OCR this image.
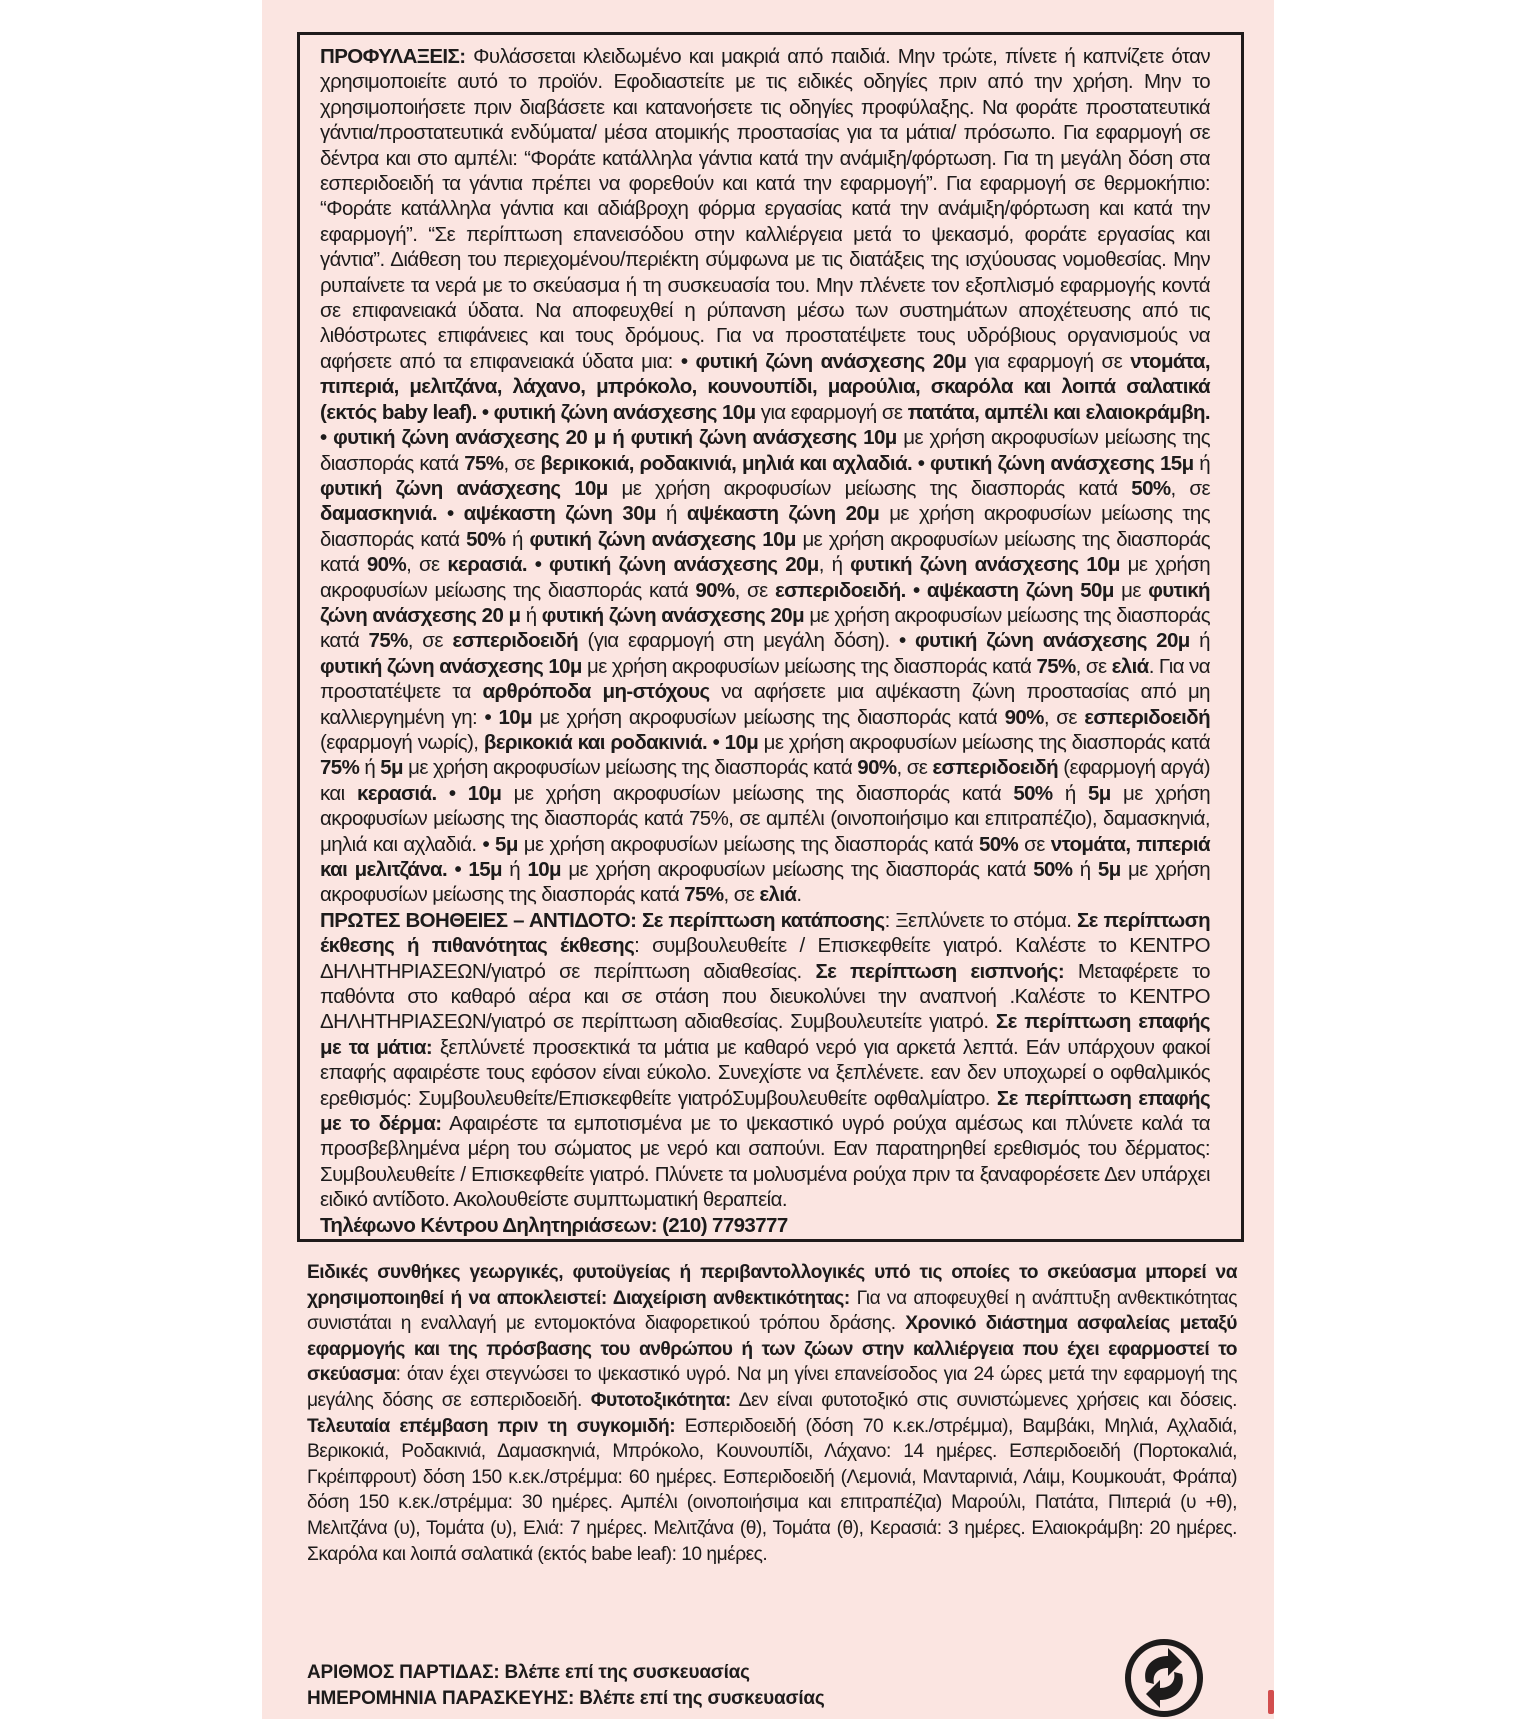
ΠΡΟΦΥΛΑΞΕΙΣ: Φυλάσσεται κλειδωμένο και μακριά από παιδιά. Μην τρώτε, πίνετε ή καπνίζετε όταν χρησιμοποιείτε αυτό το προϊόν. Εφοδιαστείτε με τις ειδικές οδηγίες πριν από την χρήση. Μην το χρησιμοποιήσετε πριν διαβάσετε και κατανοήσετε τις οδηγίες προφύλαξης. Να φοράτε προστατευτικά γάντια/προστατευτικά ενδύματα/ μέσα ατομικής προστασίας για τα μάτια/ πρόσωπο. Για εφαρμογή σε δέντρα και στο αμπέλι: “Φοράτε κατάλληλα γάντια κατά την ανάμιξη/φόρτωση. Για τη μεγάλη δόση στα εσπεριδοειδή τα γάντια πρέπει να φορεθούν και κατά την εφαρμογή”. Για εφαρμογή σε θερμοκήπιο: “Φοράτε κατάλληλα γάντια και αδιάβροχη φόρμα εργασίας κατά την ανάμιξη/φόρτωση και κατά την εφαρμογή”. “Σε περίπτωση επανεισόδου στην καλλιέργεια μετά το ψεκασμό, φοράτε εργασίας και γάντια”. Διάθεση του περιεχομένου/περιέκτη σύμφωνα με τις διατάξεις της ισχύουσας νομοθεσίας. Μην ρυπαίνετε τα νερά με το σκεύασμα ή τη συσκευασία του. Μην πλένετε τον εξοπλισμό εφαρμογής κοντά σε επιφανειακά ύδατα. Να αποφευχθεί η ρύπανση μέσω των συστημάτων αποχέτευσης από τις λιθόστρωτες επιφάνειες και τους δρόμους. Για να προστατέψετε τους υδρόβιους οργανισμούς να αφήσετε από τα επιφανειακά ύδατα μια: • φυτική ζώνη ανάσχεσης 20μ για εφαρμογή σε ντομάτα, πιπεριά, μελιτζάνα, λάχανο, μπρόκολο, κουνουπίδι, μαρούλια, σκαρόλα και λοιπά σαλατικά (εκτός baby leaf). • φυτική ζώνη ανάσχεσης 10μ για εφαρμογή σε πατάτα, αμπέλι και ελαιοκράμβη. • φυτική ζώνη ανάσχεσης 20 μ ή φυτική ζώνη ανάσχεσης 10μ με χρήση ακροφυσίων μείωσης της διασποράς κατά 75%, σε βερικοκιά, ροδακινιά, μηλιά και αχλαδιά. • φυτική ζώνη ανάσχεσης 15μ ή φυτική ζώνη ανάσχεσης 10μ με χρήση ακροφυσίων μείωσης της διασποράς κατά 50%, σε δαμασκηνιά. • αψέκαστη ζώνη 30μ ή αψέκαστη ζώνη 20μ με χρήση ακροφυσίων μείωσης της διασποράς κατά 50% ή φυτική ζώνη ανάσχεσης 10μ με χρήση ακροφυσίων μείωσης της διασποράς κατά 90%, σε κερασιά. • φυτική ζώνη ανάσχεσης 20μ, ή φυτική ζώνη ανάσχεσης 10μ με χρήση ακροφυσίων μείωσης της διασποράς κατά 90%, σε εσπεριδοειδή. • αψέκαστη ζώνη 50μ με φυτική ζώνη ανάσχεσης 20 μ ή φυτική ζώνη ανάσχεσης 20μ με χρήση ακροφυσίων μείωσης της διασποράς κατά 75%, σε εσπεριδοειδή (για εφαρμογή στη μεγάλη δόση). • φυτική ζώνη ανάσχεσης 20μ ή φυτική ζώνη ανάσχεσης 10μ με χρήση ακροφυσίων μείωσης της διασποράς κατά 75%, σε ελιά. Για να προστατέψετε τα αρθρόποδα μη-στόχους να αφήσετε μια αψέκαστη ζώνη προστασίας από μη καλλιεργημένη γη: • 10μ με χρήση ακροφυσίων μείωσης της διασποράς κατά 90%, σε εσπεριδοειδή (εφαρμογή νωρίς), βερικοκιά και ροδακινιά. • 10μ με χρήση ακροφυσίων μείωσης της διασποράς κατά 75% ή 5μ με χρήση ακροφυσίων μείωσης της διασποράς κατά 90%, σε εσπεριδοειδή (εφαρμογή αργά) και κερασιά. • 10μ με χρήση ακροφυσίων μείωσης της διασποράς κατά 50% ή 5μ με χρήση ακροφυσίων μείωσης της διασποράς κατά 75%, σε αμπέλι (οινοποιήσιμο και επιτραπέζιο), δαμασκηνιά, μηλιά και αχλαδιά. • 5μ με χρήση ακροφυσίων μείωσης της διασποράς κατά 50% σε ντομάτα, πιπεριά και μελιτζάνα. • 15μ ή 10μ με χρήση ακροφυσίων μείωσης της διασποράς κατά 50% ή 5μ με χρήση ακροφυσίων μείωσης της διασποράς κατά 75%, σε ελιά.

ΠΡΩΤΕΣ ΒΟΗΘΕΙΕΣ – ΑΝΤΙΔΟΤΟ: Σε περίπτωση κατάποσης: Ξεπλύνετε το στόμα. Σε περίπτωση έκθεσης ή πιθανότητας έκθεσης: συμβουλευθείτε / Επισκεφθείτε γιατρό. Καλέστε το ΚΕΝΤΡΟ ΔΗΛΗΤΗΡΙΑΣΕΩΝ/γιατρό σε περίπτωση αδιαθεσίας. Σε περίπτωση εισπνοής: Μεταφέρετε το παθόντα στο καθαρό αέρα και σε στάση που διευκολύνει την αναπνοή .Καλέστε το ΚΕΝΤΡΟ ΔΗΛΗΤΗΡΙΑΣΕΩΝ/γιατρό σε περίπτωση αδιαθεσίας. Συμβουλευτείτε γιατρό. Σε περίπτωση επαφής με τα μάτια: ξεπλύνετέ προσεκτικά τα μάτια με καθαρό νερό για αρκετά λεπτά. Εάν υπάρχουν φακοί επαφής αφαιρέστε τους εφόσον είναι εύκολο. Συνεχίστε να ξεπλένετε. εαν δεν υποχωρεί ο οφθαλμικός ερεθισμός: Συμβουλευθείτε/Επισκεφθείτε γιατρόΣυμβουλευθείτε οφθαλμίατρο. Σε περίπτωση επαφής με το δέρμα: Αφαιρέστε τα εμποτισμένα με το ψεκαστικό υγρό ρούχα αμέσως και πλύνετε καλά τα προσβεβλημένα μέρη του σώματος με νερό και σαπούνι. Εαν παρατηρηθεί ερεθισμός του δέρματος: Συμβουλευθείτε / Επισκεφθείτε γιατρό. Πλύνετε τα μολυσμένα ρούχα πριν τα ξαναφορέσετε Δεν υπάρχει ειδικό αντίδοτο. Ακολουθείστε συμπτωματική θεραπεία.

Τηλέφωνο Κέντρου Δηλητηριάσεων: (210) 7793777

Ειδικές συνθήκες γεωργικές, φυτοϋγείας ή περιβαντολλογικές υπό τις οποίες το σκεύασμα μπορεί να χρησιμοποιηθεί ή να αποκλειστεί: Διαχείριση ανθεκτικότητας: Για να αποφευχθεί η ανάπτυξη ανθεκτικότητας συνιστάται η εναλλαγή με εντομοκτόνα διαφορετικού τρόπου δράσης. Χρονικό διάστημα ασφαλείας μεταξύ εφαρμογής και της πρόσβασης του ανθρώπου ή των ζώων στην καλλιέργεια που έχει εφαρμοστεί το σκεύασμα: όταν έχει στεγνώσει το ψεκαστικό υγρό. Να μη γίνει επανείσοδος για 24 ώρες μετά την εφαρμογή της μεγάλης δόσης σε εσπεριδοειδή. Φυτοτοξικότητα: Δεν είναι φυτοτοξικό στις συνιστώμενες χρήσεις και δόσεις. Τελευταία επέμβαση πριν τη συγκομιδή: Εσπεριδοειδή (δόση 70 κ.εκ./στρέμμα), Βαμβάκι, Μηλιά, Αχλαδιά, Βερικοκιά, Ροδακινιά, Δαμασκηνιά, Μπρόκολο, Κουνουπίδι, Λάχανο: 14 ημέρες. Εσπεριδοειδή (Πορτοκαλιά, Γκρέιπφρουτ) δόση 150 κ.εκ./στρέμμα: 60 ημέρες. Εσπεριδοειδή (Λεμονιά, Μανταρινιά, Λάιμ, Κουμκουάτ, Φράπα) δόση 150 κ.εκ./στρέμμα: 30 ημέρες. Αμπέλι (οινοποιήσιμα και επιτραπέζια) Μαρούλι, Πατάτα, Πιπεριά (υ +θ), Μελιτζάνα (υ), Τομάτα (υ), Ελιά: 7 ημέρες. Μελιτζάνα (θ), Τομάτα (θ), Κερασιά: 3 ημέρες. Ελαιοκράμβη: 20 ημέρες. Σκαρόλα και λοιπά σαλατικά (εκτός babe leaf): 10 ημέρες.

ΑΡΙΘΜΟΣ ΠΑΡΤΙΔΑΣ: Βλέπε επί της συσκευασίας
ΗΜΕΡΟΜΗΝΙΑ ΠΑΡΑΣΚΕΥΗΣ: Βλέπε επί της συσκευασίας
